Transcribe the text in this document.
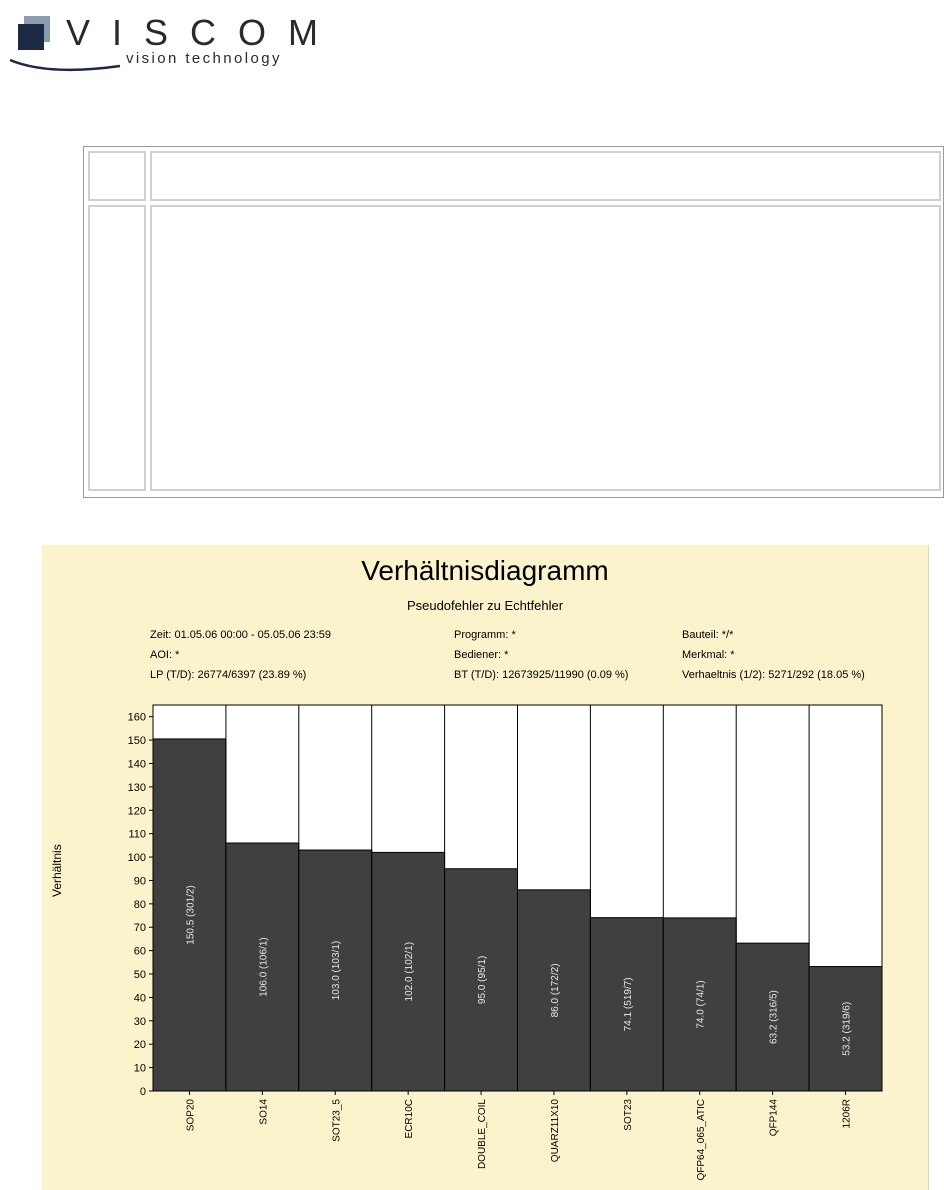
VISCOM
vision technology
Verhältnisdiagramm
Pseudofehler zu Echtfehler
Zeit: 01.05.06 00:00 - 05.05.06 23:59
AOI: *
LP (T/D): 26774/6397 (23.89 %)
Programm: *
Bediener: *
BT (T/D): 12673925/11990 (0.09 %)
Bauteil: */*
Merkmal: *
Verhaeltnis (1/2): 5271/292 (18.05 %)
Verhältnis
150.5 (301/2)
106.0 (106/1)	103.0 (103/1)	102.0 (102/1)	95.0 (95/1)	86.0 (172/2)	74.1 (519/7)	74.0 (74/1)	63.2 (316/5)	53.2 (319/6)
0
10
20
30
40
50
60
70
80
90
100
110
120
130
140
150
160
SOP20	SO14	SOT23_5	ECR10C	DOUBLE_COIL	QUARZ11X10	SOT23	QFP64_065_ATIC	QFP144	1206R
